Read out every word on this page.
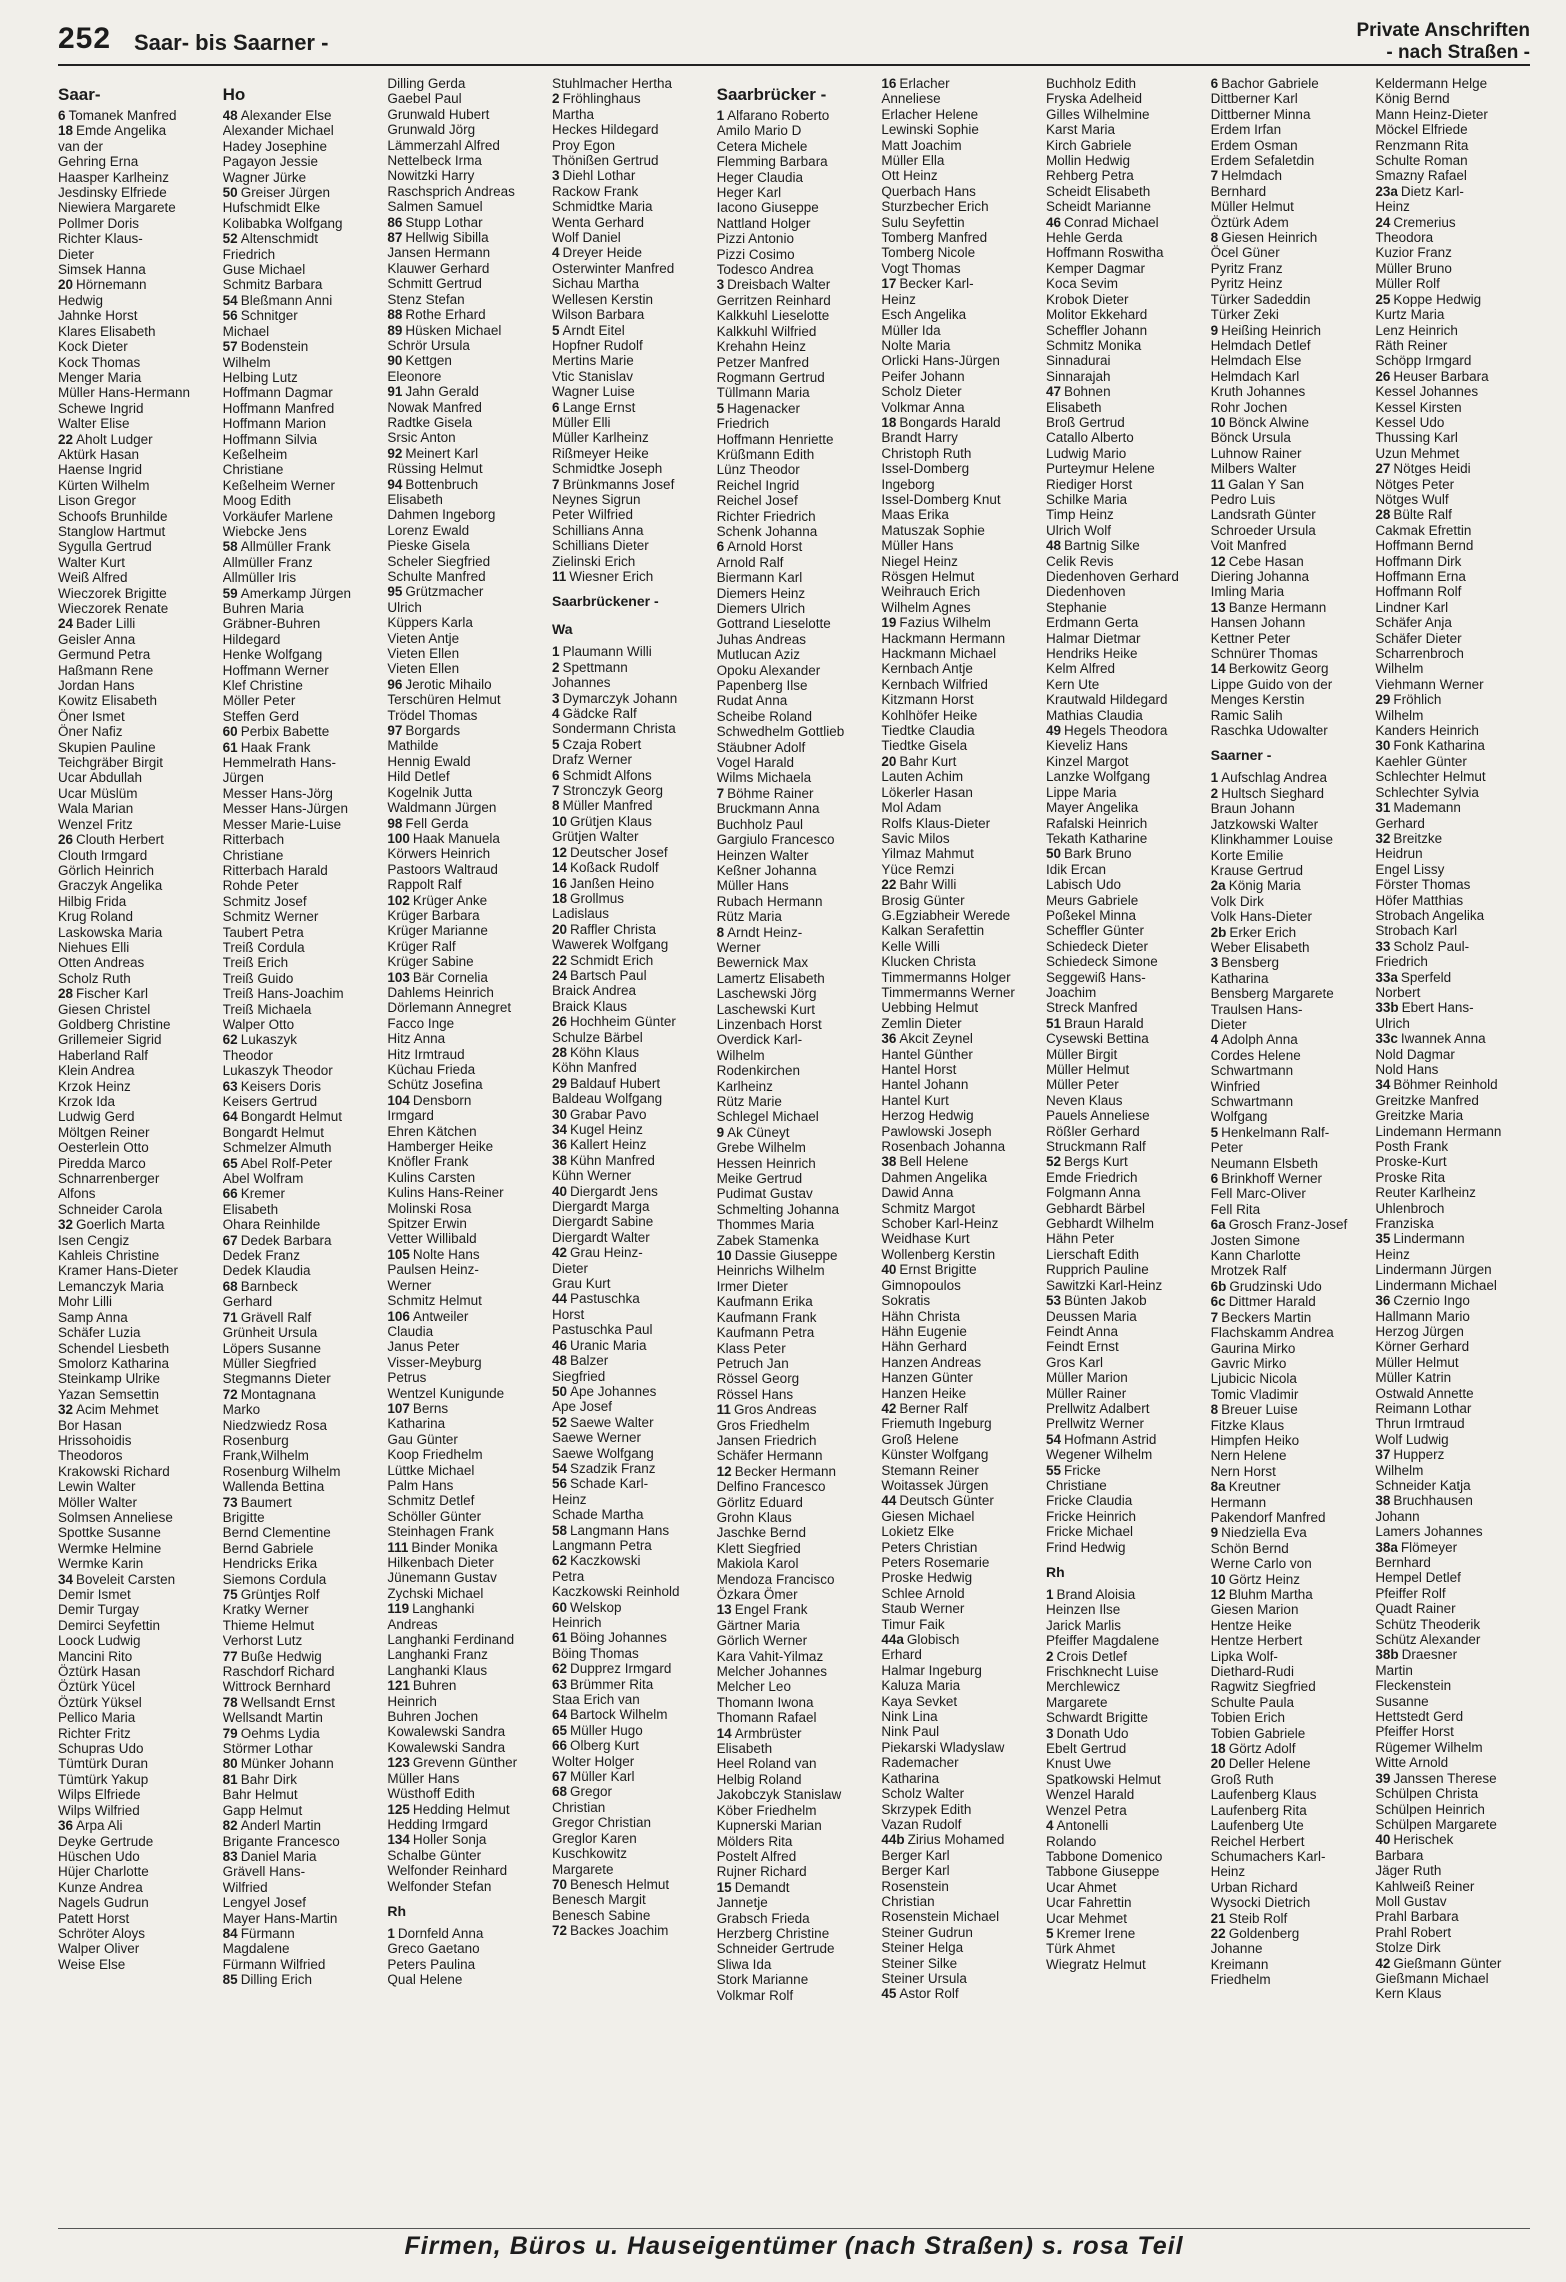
252 Saar- bis Saarner -	Private Anschriften
- nach Straßen -
Saar-
6 Tomanek Manfred
18 Emde Angelika
van der
Gehring Erna
Haasper Karlheinz
Jesdinsky Elfriede
Niewiera Margarete
Pollmer Doris
Richter Klaus-
Dieter
Simsek Hanna
20 Hörnemann
Hedwig
Jahnke Horst
Klares Elisabeth
Kock Dieter
Kock Thomas
Menger Maria
Müller Hans-Hermann
Schewe Ingrid
Walter Elise
22 Aholt Ludger
Aktürk Hasan
Haense Ingrid
Kürten Wilhelm
Lison Gregor
Schoofs Brunhilde
Stanglow Hartmut
Sygulla Gertrud
Walter Kurt
Weiß Alfred
Wieczorek Brigitte
Wieczorek Renate
24 Bader Lilli
Geisler Anna
Germund Petra
Haßmann Rene
Jordan Hans
Kowitz Elisabeth
Öner Ismet
Öner Nafiz
Skupien Pauline
Teichgräber Birgit
Ucar Abdullah
Ucar Müslüm
Wala Marian
Wenzel Fritz
26 Clouth Herbert
Clouth Irmgard
Görlich Heinrich
Graczyk Angelika
Hilbig Frida
Krug Roland
Laskowska Maria
Niehues Elli
Otten Andreas
Scholz Ruth
28 Fischer Karl
Giesen Christel
Goldberg Christine
Grillemeier Sigrid
Haberland Ralf
Klein Andrea
Krzok Heinz
Krzok Ida
Ludwig Gerd
Möltgen Reiner
Oesterlein Otto
Piredda Marco
Schnarrenberger
Alfons
Schneider Carola
32 Goerlich Marta
Isen Cengiz
Kahleis Christine
Kramer Hans-Dieter
Lemanczyk Maria
Mohr Lilli
Samp Anna
Schäfer Luzia
Schendel Liesbeth
Smolorz Katharina
Steinkamp Ulrike
Yazan Semsettin
32 Acim Mehmet
Bor Hasan
Hrissohoidis
Theodoros
Krakowski Richard
Lewin Walter
Möller Walter
Solmsen Anneliese
Spottke Susanne
Wermke Helmine
Wermke Karin
34 Boveleit Carsten
Demir Ismet
Demir Turgay
Demirci Seyfettin
Loock Ludwig
Mancini Rito
Öztürk Hasan
Öztürk Yücel
Öztürk Yüksel
Pellico Maria
Richter Fritz
Schupras Udo
Tümtürk Duran
Tümtürk Yakup
Wilps Elfriede
Wilps Wilfried
36 Arpa Ali
Deyke Gertrude
Hüschen Udo
Hüjer Charlotte
Kunze Andrea
Nagels Gudrun
Patett Horst
Schröter Aloys
Walper Oliver
Weise Else
Ho
48 Alexander Else
Alexander Michael
Hadey Josephine
Pagayon Jessie
Wagner Jürke
50 Greiser Jürgen
Hufschmidt Elke
Kolibabka Wolfgang
52 Altenschmidt
Friedrich
Guse Michael
Schmitz Barbara
54 Bleßmann Anni
56 Schnitger
Michael
57 Bodenstein
Wilhelm
Helbing Lutz
Hoffmann Dagmar
Hoffmann Manfred
Hoffmann Marion
Hoffmann Silvia
Keßelheim
Christiane
Keßelheim Werner
Moog Edith
Vorkäufer Marlene
Wiebcke Jens
58 Allmüller Frank
Allmüller Franz
Allmüller Iris
59 Amerkamp Jürgen
Buhren Maria
Gräbner-Buhren
Hildegard
Henke Wolfgang
Hoffmann Werner
Klef Christine
Möller Peter
Steffen Gerd
60 Perbix Babette
61 Haak Frank
Hemmelrath Hans-
Jürgen
Messer Hans-Jörg
Messer Hans-Jürgen
Messer Marie-Luise
Ritterbach
Christiane
Ritterbach Harald
Rohde Peter
Schmitz Josef
Schmitz Werner
Taubert Petra
Treiß Cordula
Treiß Erich
Treiß Guido
Treiß Hans-Joachim
Treiß Michaela
Walper Otto
62 Lukaszyk
Theodor
Lukaszyk Theodor
63 Keisers Doris
Keisers Gertrud
64 Bongardt Helmut
Bongardt Helmut
Schmelzer Almuth
65 Abel Rolf-Peter
Abel Wolfram
66 Kremer
Elisabeth
Ohara Reinhilde
67 Dedek Barbara
Dedek Franz
Dedek Klaudia
68 Barnbeck
Gerhard
71 Grävell Ralf
Grünheit Ursula
Löpers Susanne
Müller Siegfried
Stegmanns Dieter
72 Montagnana
Marko
Niedzwiedz Rosa
Rosenburg
Frank,Wilhelm
Rosenburg Wilhelm
Wallenda Bettina
73 Baumert
Brigitte
Bernd Clementine
Bernd Gabriele
Hendricks Erika
Siemons Cordula
75 Grüntjes Rolf
Kratky Werner
Thieme Helmut
Verhorst Lutz
77 Buße Hedwig
Raschdorf Richard
Wittrock Bernhard
78 Wellsandt Ernst
Wellsandt Martin
79 Oehms Lydia
Störmer Lothar
80 Münker Johann
81 Bahr Dirk
Bahr Helmut
Gapp Helmut
82 Anderl Martin
Brigante Francesco
83 Daniel Maria
Grävell Hans-
Wilfried
Lengyel Josef
Mayer Hans-Martin
84 Fürmann
Magdalene
Fürmann Wilfried
85 Dilling Erich
Dilling Gerda
Gaebel Paul
Grunwald Hubert
Grunwald Jörg
Lämmerzahl Alfred
Nettelbeck Irma
Nowitzki Harry
Raschsprich Andreas
Salmen Samuel
86 Stupp Lothar
87 Hellwig Sibilla
Jansen Hermann
Klauwer Gerhard
Schmitt Gertrud
Stenz Stefan
88 Rothe Erhard
89 Hüsken Michael
Schrör Ursula
90 Kettgen
Eleonore
91 Jahn Gerald
Nowak Manfred
Radtke Gisela
Srsic Anton
92 Meinert Karl
Rüssing Helmut
94 Bottenbruch
Elisabeth
Dahmen Ingeborg
Lorenz Ewald
Pieske Gisela
Scheler Siegfried
Schulte Manfred
95 Grützmacher
Ulrich
Küppers Karla
Vieten Antje
Vieten Ellen
Vieten Ellen
96 Jerotic Mihailo
Terschüren Helmut
Trödel Thomas
97 Borgards
Mathilde
Hennig Ewald
Hild Detlef
Kogelnik Jutta
Waldmann Jürgen
98 Fell Gerda
100 Haak Manuela
Körwers Heinrich
Pastoors Waltraud
Rappolt Ralf
102 Krüger Anke
Krüger Barbara
Krüger Marianne
Krüger Ralf
Krüger Sabine
103 Bär Cornelia
Dahlems Heinrich
Dörlemann Annegret
Facco Inge
Hitz Anna
Hitz Irmtraud
Küchau Frieda
Schütz Josefina
104 Densborn
Irmgard
Ehren Kätchen
Hamberger Heike
Knöfler Frank
Kulins Carsten
Kulins Hans-Reiner
Molinski Rosa
Spitzer Erwin
Vetter Willibald
105 Nolte Hans
Paulsen Heinz-
Werner
Schmitz Helmut
106 Antweiler
Claudia
Janus Peter
Visser-Meyburg
Petrus
Wentzel Kunigunde
107 Berns
Katharina
Gau Günter
Koop Friedhelm
Lüttke Michael
Palm Hans
Schmitz Detlef
Schöller Günter
Steinhagen Frank
111 Binder Monika
Hilkenbach Dieter
Jünemann Gustav
Zychski Michael
119 Langhanki
Andreas
Langhanki Ferdinand
Langhanki Franz
Langhanki Klaus
121 Buhren
Heinrich
Buhren Jochen
Kowalewski Sandra
Kowalewski Sandra
123 Grevenn Günther
Müller Hans
Wüsthoff Edith
125 Hedding Helmut
Hedding Irmgard
134 Holler Sonja
Schalbe Günter
Welfonder Reinhard
Welfonder Stefan
Rh
1 Dornfeld Anna
Greco Gaetano
Peters Paulina
Qual Helene
Stuhlmacher Hertha
2 Fröhlinghaus
Martha
Heckes Hildegard
Proy Egon
Thönißen Gertrud
3 Diehl Lothar
Rackow Frank
Schmidtke Maria
Wenta Gerhard
Wolf Daniel
4 Dreyer Heide
Osterwinter Manfred
Sichau Martha
Wellesen Kerstin
Wilson Barbara
5 Arndt Eitel
Hopfner Rudolf
Mertins Marie
Vtic Stanislav
Wagner Luise
6 Lange Ernst
Müller Elli
Müller Karlheinz
Rißmeyer Heike
Schmidtke Joseph
7 Brünkmanns Josef
Neynes Sigrun
Peter Wilfried
Schillians Anna
Schillians Dieter
Zielinski Erich
11 Wiesner Erich
Saarbrückener -
Wa
1 Plaumann Willi
2 Spettmann
Johannes
3 Dymarczyk Johann
4 Gädcke Ralf
Sondermann Christa
5 Czaja Robert
Drafz Werner
6 Schmidt Alfons
7 Stronczyk Georg
8 Müller Manfred
10 Grütjen Klaus
Grütjen Walter
12 Deutscher Josef
14 Koßack Rudolf
16 Janßen Heino
18 Grollmus
Ladislaus
20 Raffler Christa
Wawerek Wolfgang
22 Schmidt Erich
24 Bartsch Paul
Braick Andrea
Braick Klaus
26 Hochheim Günter
Schulze Bärbel
28 Köhn Klaus
Köhn Manfred
29 Baldauf Hubert
Baldeau Wolfgang
30 Grabar Pavo
34 Kugel Heinz
36 Kallert Heinz
38 Kühn Manfred
Kühn Werner
40 Diergardt Jens
Diergardt Marga
Diergardt Sabine
Diergardt Walter
42 Grau Heinz-
Dieter
Grau Kurt
44 Pastuschka
Horst
Pastuschka Paul
46 Uranic Maria
48 Balzer
Siegfried
50 Ape Johannes
Ape Josef
52 Saewe Walter
Saewe Werner
Saewe Wolfgang
54 Szadzik Franz
56 Schade Karl-
Heinz
Schade Martha
58 Langmann Hans
Langmann Petra
62 Kaczkowski
Petra
Kaczkowski Reinhold
60 Welskop
Heinrich
61 Böing Johannes
Böing Thomas
62 Dupprez Irmgard
63 Brümmer Rita
Staa Erich van
64 Bartock Wilhelm
65 Müller Hugo
66 Olberg Kurt
Wolter Holger
67 Müller Karl
68 Gregor
Christian
Gregor Christian
Greglor Karen
Kuschkowitz
Margarete
70 Benesch Helmut
Benesch Margit
Benesch Sabine
72 Backes Joachim
Saarbrücker -
1 Alfarano Roberto
Amilo Mario D
Cetera Michele
Flemming Barbara
Heger Claudia
Heger Karl
Iacono Giuseppe
Nattland Holger
Pizzi Antonio
Pizzi Cosimo
Todesco Andrea
3 Dreisbach Walter
Gerritzen Reinhard
Kalkkuhl Lieselotte
Kalkkuhl Wilfried
Krehahn Heinz
Petzer Manfred
Rogmann Gertrud
Tüllmann Maria
5 Hagenacker
Friedrich
Hoffmann Henriette
Krüßmann Edith
Lünz Theodor
Reichel Ingrid
Reichel Josef
Richter Friedrich
Schenk Johanna
6 Arnold Horst
Arnold Ralf
Biermann Karl
Diemers Heinz
Diemers Ulrich
Gottrand Lieselotte
Juhas Andreas
Mutlucan Aziz
Opoku Alexander
Papenberg Ilse
Rudat Anna
Scheibe Roland
Schwedhelm Gottlieb
Stäubner Adolf
Vogel Harald
Wilms Michaela
7 Böhme Rainer
Bruckmann Anna
Buchholz Paul
Gargiulo Francesco
Heinzen Walter
Keßner Johanna
Müller Hans
Rubach Hermann
Rütz Maria
8 Arndt Heinz-
Werner
Bewernick Max
Lamertz Elisabeth
Laschewski Jörg
Laschewski Kurt
Linzenbach Horst
Overdick Karl-
Wilhelm
Rodenkirchen
Karlheinz
Rütz Marie
Schlegel Michael
9 Ak Cüneyt
Grebe Wilhelm
Hessen Heinrich
Meike Gertrud
Pudimat Gustav
Schmelting Johanna
Thommes Maria
Zabek Stamenka
10 Dassie Giuseppe
Heinrichs Wilhelm
Irmer Dieter
Kaufmann Erika
Kaufmann Frank
Kaufmann Petra
Klass Peter
Petruch Jan
Rössel Georg
Rössel Hans
11 Gros Andreas
Gros Friedhelm
Jansen Friedrich
Schäfer Hermann
12 Becker Hermann
Delfino Francesco
Görlitz Eduard
Grohn Klaus
Jaschke Bernd
Klett Siegfried
Makiola Karol
Mendoza Francisco
Özkara Ömer
13 Engel Frank
Gärtner Maria
Görlich Werner
Kara Vahit-Yilmaz
Melcher Johannes
Melcher Leo
Thomann Iwona
Thomann Rafael
14 Armbrüster
Elisabeth
Heel Roland van
Helbig Roland
Jakobczyk Stanislaw
Köber Friedhelm
Kupnerski Marian
Mölders Rita
Postelt Alfred
Rujner Richard
15 Demandt
Jannetje
Grabsch Frieda
Herzberg Christine
Schneider Gertrude
Sliwa Ida
Stork Marianne
Volkmar Rolf
16 Erlacher
Anneliese
Erlacher Helene
Lewinski Sophie
Matt Joachim
Müller Ella
Ott Heinz
Querbach Hans
Sturzbecher Erich
Sulu Seyfettin
Tomberg Manfred
Tomberg Nicole
Vogt Thomas
17 Becker Karl-
Heinz
Esch Angelika
Müller Ida
Nolte Maria
Orlicki Hans-Jürgen
Peifer Johann
Scholz Dieter
Volkmar Anna
18 Bongards Harald
Brandt Harry
Christoph Ruth
Issel-Domberg
Ingeborg
Issel-Domberg Knut
Maas Erika
Matuszak Sophie
Müller Hans
Niegel Heinz
Rösgen Helmut
Weihrauch Erich
Wilhelm Agnes
19 Fazius Wilhelm
Hackmann Hermann
Hackmann Michael
Kernbach Antje
Kernbach Wilfried
Kitzmann Horst
Kohlhöfer Heike
Tiedtke Claudia
Tiedtke Gisela
20 Bahr Kurt
Lauten Achim
Lökerler Hasan
Mol Adam
Rolfs Klaus-Dieter
Savic Milos
Yilmaz Mahmut
Yüce Remzi
22 Bahr Willi
Brosig Günter
G.Egziabheir Werede
Kalkan Serafettin
Kelle Willi
Klucken Christa
Timmermanns Holger
Timmermanns Werner
Uebbing Helmut
Zemlin Dieter
36 Akcit Zeynel
Hantel Günther
Hantel Horst
Hantel Johann
Hantel Kurt
Herzog Hedwig
Pawlowski Joseph
Rosenbach Johanna
38 Bell Helene
Dahmen Angelika
Dawid Anna
Schmitz Margot
Schober Karl-Heinz
Weidhase Kurt
Wollenberg Kerstin
40 Ernst Brigitte
Gimnopoulos
Sokratis
Hähn Christa
Hähn Eugenie
Hähn Gerhard
Hanzen Andreas
Hanzen Günter
Hanzen Heike
42 Berner Ralf
Friemuth Ingeburg
Groß Helene
Künster Wolfgang
Stemann Reiner
Woitassek Jürgen
44 Deutsch Günter
Giesen Michael
Lokietz Elke
Peters Christian
Peters Rosemarie
Proske Hedwig
Schlee Arnold
Staub Werner
Timur Faik
44a Globisch
Erhard
Halmar Ingeburg
Kaluza Maria
Kaya Sevket
Nink Lina
Nink Paul
Piekarski Wladyslaw
Rademacher
Katharina
Scholz Walter
Skrzypek Edith
Vazan Rudolf
44b Zirius Mohamed
Berger Karl
Berger Karl
Rosenstein
Christian
Rosenstein Michael
Steiner Gudrun
Steiner Helga
Steiner Silke
Steiner Ursula
45 Astor Rolf
Buchholz Edith
Fryska Adelheid
Gilles Wilhelmine
Karst Maria
Kirch Gabriele
Mollin Hedwig
Rehberg Petra
Scheidt Elisabeth
Scheidt Marianne
46 Conrad Michael
Hehle Gerda
Hoffmann Roswitha
Kemper Dagmar
Koca Sevim
Krobok Dieter
Molitor Ekkehard
Scheffler Johann
Schmitz Monika
Sinnadurai
Sinnarajah
47 Bohnen
Elisabeth
Broß Gertrud
Catallo Alberto
Ludwig Mario
Purteymur Helene
Riediger Horst
Schilke Maria
Timp Heinz
Ulrich Wolf
48 Bartnig Silke
Celik Revis
Diedenhoven Gerhard
Diedenhoven
Stephanie
Erdmann Gerta
Halmar Dietmar
Hendriks Heike
Kelm Alfred
Kern Ute
Krautwald Hildegard
Mathias Claudia
49 Hegels Theodora
Kieveliz Hans
Kinzel Margot
Lanzke Wolfgang
Lippe Maria
Mayer Angelika
Rafalski Heinrich
Tekath Katharine
50 Bark Bruno
Idik Ercan
Labisch Udo
Meurs Gabriele
Poßekel Minna
Scheffler Günter
Schiedeck Dieter
Schiedeck Simone
Seggewiß Hans-
Joachim
Streck Manfred
51 Braun Harald
Cysewski Bettina
Müller Birgit
Müller Helmut
Müller Peter
Neven Klaus
Pauels Anneliese
Rößler Gerhard
Struckmann Ralf
52 Bergs Kurt
Emde Friedrich
Folgmann Anna
Gebhardt Bärbel
Gebhardt Wilhelm
Hähn Peter
Lierschaft Edith
Rupprich Pauline
Sawitzki Karl-Heinz
53 Bünten Jakob
Deussen Maria
Feindt Anna
Feindt Ernst
Gros Karl
Müller Marion
Müller Rainer
Prellwitz Adalbert
Prellwitz Werner
54 Hofmann Astrid
Wegener Wilhelm
55 Fricke
Christiane
Fricke Claudia
Fricke Heinrich
Fricke Michael
Frind Hedwig
Rh
1 Brand Aloisia
Heinzen Ilse
Jarick Marlis
Pfeiffer Magdalene
2 Crois Detlef
Frischknecht Luise
Merchlewicz
Margarete
Schwardt Brigitte
3 Donath Udo
Ebelt Gertrud
Knust Uwe
Spatkowski Helmut
Wenzel Harald
Wenzel Petra
4 Antonelli
Rolando
Tabbone Domenico
Tabbone Giuseppe
Ucar Ahmet
Ucar Fahrettin
Ucar Mehmet
5 Kremer Irene
Türk Ahmet
Wiegratz Helmut
6 Bachor Gabriele
Dittberner Karl
Dittberner Minna
Erdem Irfan
Erdem Osman
Erdem Sefaletdin
7 Helmdach
Bernhard
Müller Helmut
Öztürk Adem
8 Giesen Heinrich
Öcel Güner
Pyritz Franz
Pyritz Heinz
Türker Sadeddin
Türker Zeki
9 Heißing Heinrich
Helmdach Detlef
Helmdach Else
Helmdach Karl
Kruth Johannes
Rohr Jochen
10 Bönck Alwine
Bönck Ursula
Luhnow Rainer
Milbers Walter
11 Galan Y San
Pedro Luis
Landsrath Günter
Schroeder Ursula
Voit Manfred
12 Cebe Hasan
Diering Johanna
Imling Maria
13 Banze Hermann
Hansen Johann
Kettner Peter
Schnürer Thomas
14 Berkowitz Georg
Lippe Guido von der
Menges Kerstin
Ramic Salih
Raschka Udowalter
Saarner -
1 Aufschlag Andrea
2 Hultsch Sieghard
Braun Johann
Jatzkowski Walter
Klinkhammer Louise
Korte Emilie
Krause Gertrud
2a König Maria
Volk Dirk
Volk Hans-Dieter
2b Erker Erich
Weber Elisabeth
3 Bensberg
Katharina
Bensberg Margarete
Traulsen Hans-
Dieter
4 Adolph Anna
Cordes Helene
Schwartmann
Winfried
Schwartmann
Wolfgang
5 Henkelmann Ralf-
Peter
Neumann Elsbeth
6 Brinkhoff Werner
Fell Marc-Oliver
Fell Rita
6a Grosch Franz-Josef
Josten Simone
Kann Charlotte
Mrotzek Ralf
6b Grudzinski Udo
6c Dittmer Harald
7 Beckers Martin
Flachskamm Andrea
Gaurina Mirko
Gavric Mirko
Ljubicic Nicola
Tomic Vladimir
8 Breuer Luise
Fitzke Klaus
Himpfen Heiko
Nern Helene
Nern Horst
8a Kreutner
Hermann
Pakendorf Manfred
9 Niedziella Eva
Schön Bernd
Werne Carlo von
10 Görtz Heinz
12 Bluhm Martha
Giesen Marion
Hentze Heike
Hentze Herbert
Lipka Wolf-
Diethard-Rudi
Ragwitz Siegfried
Schulte Paula
Tobien Erich
Tobien Gabriele
18 Görtz Adolf
20 Deller Helene
Groß Ruth
Laufenberg Klaus
Laufenberg Rita
Laufenberg Ute
Reichel Herbert
Schumachers Karl-
Heinz
Urban Richard
Wysocki Dietrich
21 Steib Rolf
22 Goldenberg
Johanne
Kreimann
Friedhelm
Keldermann Helge
König Bernd
Mann Heinz-Dieter
Möckel Elfriede
Renzmann Rita
Schulte Roman
Smazny Rafael
23a Dietz Karl-
Heinz
24 Cremerius
Theodora
Kuzior Franz
Müller Bruno
Müller Rolf
25 Koppe Hedwig
Kurtz Maria
Lenz Heinrich
Räth Reiner
Schöpp Irmgard
26 Heuser Barbara
Kessel Johannes
Kessel Kirsten
Kessel Udo
Thussing Karl
Uzun Mehmet
27 Nötges Heidi
Nötges Peter
Nötges Wulf
28 Bülte Ralf
Cakmak Efrettin
Hoffmann Bernd
Hoffmann Dirk
Hoffmann Erna
Hoffmann Rolf
Lindner Karl
Schäfer Anja
Schäfer Dieter
Scharrenbroch
Wilhelm
Viehmann Werner
29 Fröhlich
Wilhelm
Kanders Heinrich
30 Fonk Katharina
Kaehler Günter
Schlechter Helmut
Schlechter Sylvia
31 Mademann
Gerhard
32 Breitzke
Heidrun
Engel Lissy
Förster Thomas
Höfer Matthias
Strobach Angelika
Strobach Karl
33 Scholz Paul-
Friedrich
33a Sperfeld
Norbert
33b Ebert Hans-
Ulrich
33c Iwannek Anna
Nold Dagmar
Nold Hans
34 Böhmer Reinhold
Greitzke Manfred
Greitzke Maria
Lindemann Hermann
Posth Frank
Proske-Kurt
Proske Rita
Reuter Karlheinz
Uhlenbroch
Franziska
35 Lindermann
Heinz
Lindermann Jürgen
Lindermann Michael
36 Czernio Ingo
Hallmann Mario
Herzog Jürgen
Körner Gerhard
Müller Helmut
Müller Katrin
Ostwald Annette
Reimann Lothar
Thrun Irmtraud
Wolf Ludwig
37 Hupperz
Wilhelm
Schneider Katja
38 Bruchhausen
Johann
Lamers Johannes
38a Flömeyer
Bernhard
Hempel Detlef
Pfeiffer Rolf
Quadt Rainer
Schütz Theoderik
Schütz Alexander
38b Draesner
Martin
Fleckenstein
Susanne
Hettstedt Gerd
Pfeiffer Horst
Rügemer Wilhelm
Witte Arnold
39 Janssen Therese
Schülpen Christa
Schülpen Heinrich
Schülpen Margarete
40 Herischek
Barbara
Jäger Ruth
Kahlweiß Reiner
Moll Gustav
Prahl Barbara
Prahl Robert
Stolze Dirk
42 Gießmann Günter
Gießmann Michael
Kern Klaus
Firmen, Büros u. Hauseigentümer (nach Straßen) s. rosa Teil
